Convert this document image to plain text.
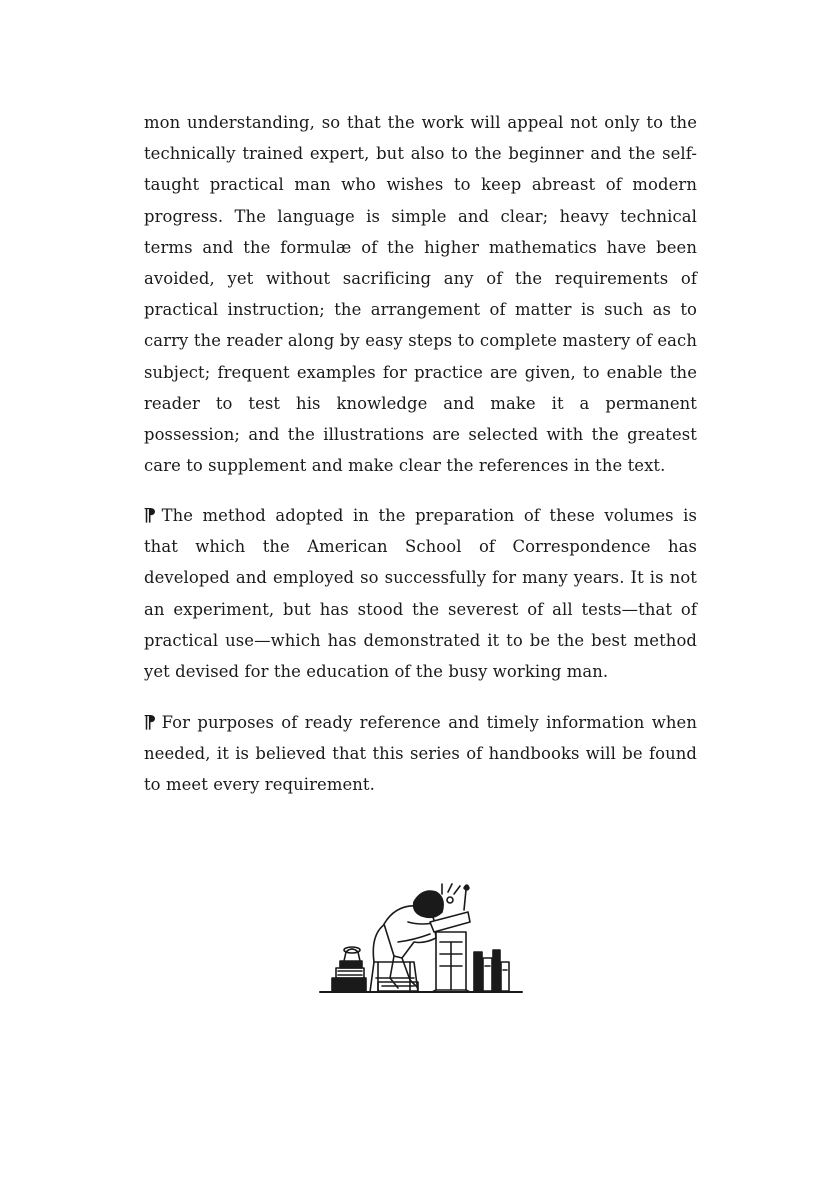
mon understanding, so that the work will appeal not only to the technically trained expert, but also to the beginner and the self-taught practical man who wishes to keep abreast of modern progress. The language is simple and clear; heavy technical terms and the formulæ of the higher mathematics have been avoided, yet without sacrificing any of the requirements of practical instruction; the arrangement of matter is such as to carry the reader along by easy steps to complete mastery of each subject; frequent examples for practice are given, to enable the reader to test his knowledge and make it a permanent possession; and the illustrations are selected with the greatest care to supplement and make clear the references in the text.

⁋ The method adopted in the preparation of these volumes is that which the American School of Correspondence has developed and employed so successfully for many years. It is not an experiment, but has stood the severest of all tests—that of practical use—which has demonstrated it to be the best method yet devised for the education of the busy working man.

⁋ For purposes of ready reference and timely information when needed, it is believed that this series of handbooks will be found to meet every requirement.
